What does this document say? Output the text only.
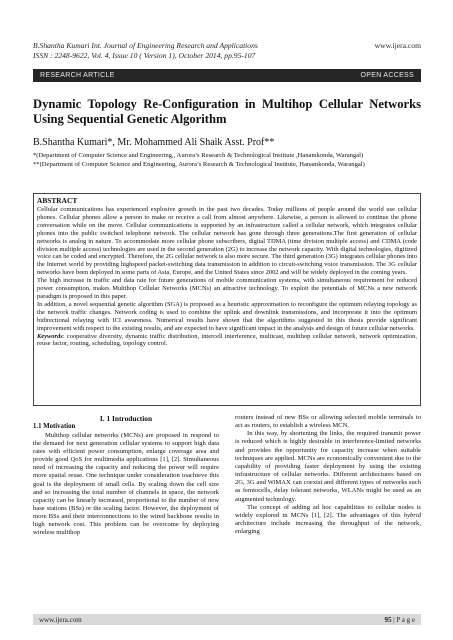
B.Shantha Kumari Int. Journal of Engineering Research and Applications	www.ijera.com
ISSN : 2248-9622, Vol. 4, Issue 10 ( Version 1), October 2014, pp.95-107
RESEARCH ARTICLE	OPEN ACCESS
Dynamic Topology Re-Configuration in Multihop Cellular Networks Using Sequential Genetic Algorithm
B.Shantha Kumari*, Mr. Mohammed Ali Shaik Asst. Prof**
*(Department of Computer Science and Engineering,, Aurora’s Research & Technological Institute ,Hanamkonda, Warangal)
**(Department of Computer Science and Engineering, Aurora’s Research & Technological Institute, Hanamkonda, Warangal)
ABSTRACT

Cellular communications has experienced explosive growth in the past two decades. Today millions of people around the world use cellular phones. Cellular phones allow a person to make or receive a call from almost anywhere. Likewise, a person is allowed to continue the phone conversation while on the move. Cellular communications is supported by an infrastructure called a cellular network, which integrates cellular phones into the public switched telephone network. The cellular network has gone through three generations.The first generation of cellular networks is analog in nature. To accommodate more cellular phone subscribers, digital TDMA (time division multiple access) and CDMA (code division multiple access) technologies are used in the second generation (2G) to increase the network capacity. With digital technologies, digitized voice can be coded and encrypted. Therefore, the 2G cellular network is also more secure. The third generation (3G) integrates cellular phones into the Internet world by providing highspeed packet-switching data transmission in addition to circuit-switching voice transmission. The 3G cellular networks have been deployed in some parts of Asia, Europe, and the United States since 2002 and will be widely deployed in the coming years.

The high increase in traffic and data rate for future generations of mobile communication systems, with simultaneous requirement for reduced power consumption, makes Multihop Cellular Networks (MCNs) an attractive technology. To exploit the potentials of MCNs a new network paradigm is proposed in this paper.

In addition, a novel sequential genetic algorithm (SGA) is proposed as a heuristic approximation to reconfigure the optimum relaying topology as the network traffic changes. Network coding is used to combine the uplink and downlink transmissions, and incorporate it into the optimum bidirectional relaying with ICI awareness. Numerical results have shown that the algorithms suggested in this thesis provide significant improvement with respect to the existing results, and are expected to have significant impact in the analysis and design of future cellular networks.

Keywords: cooperative diversity, dynamic traffic distribution, intercell interference, multicast, multihop cellular network, network optimization, reuse factor, routing, scheduling, topology control.

I. 1 Introduction
1.1 Motivation

Multihop cellular networks (MCNs) are proposed in respond to the demand for next generation cellular systems to support high data rates with efficient power consumption, enlarge coverage area and provide good QoS for multimedia applications [1], [2]. Simultaneous need of increasing the capacity and reducing the power will require more spatial reuse. One technique under consideration toachieve this goal is the deployment of small cells. By scaling down the cell size and so increasing the total number of channels in space, the network capacity can be linearly increased, proportional to the number of new base stations (BSs) or the scaling factor. However, the deployment of more BSs and their interconnections to the wired backbone results in high network cost. This problem can be overcome by deploying wireless multihop

routers instead of new BSs or allowing selected mobile terminals to act as routers, to establish a wireless MCN.

In this way, by shortening the links, the required transmit power is reduced which is highly desirable in interference-limited networks and provides the opportunity for capacity increase when suitable techniques are applied. MCNs are economically convenient due to the capability of providing faster deployment by using the existing infrastructure of cellular networks. Different architectures based on 2G, 3G and WiMAX can coexist and different types of networks such as femtocells, delay tolerant networks, WLANs might be used as an augmented technology.

The concept of adding ad hoc capabilities to cellular nodes is widely explored in MCNs [1], [2]. The advantages of this hybrid architecture include increasing the throughput of the network, enlarging

www.ijera.com	95 | P a g e
